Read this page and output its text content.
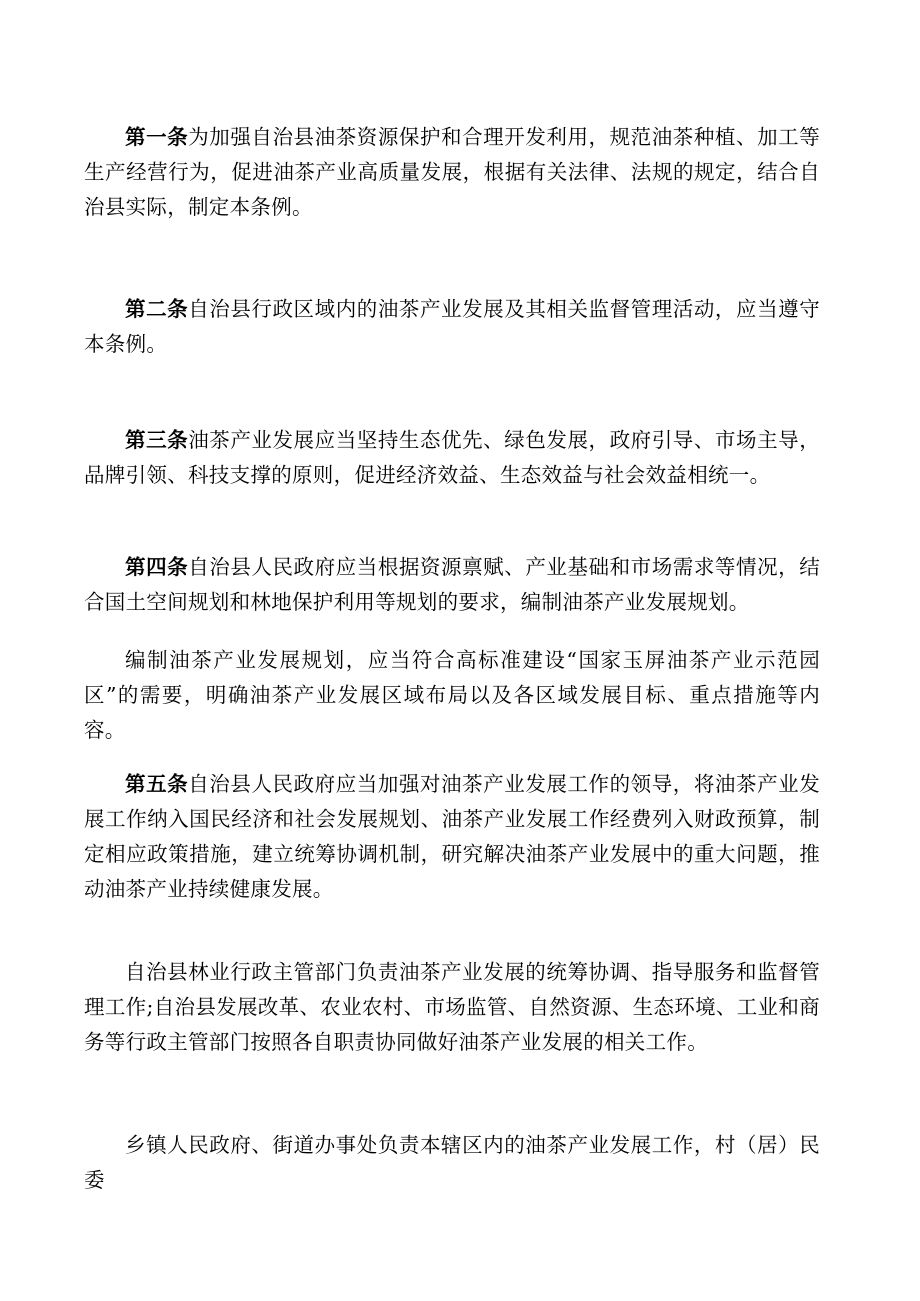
第一条为加强自治县油茶资源保护和合理开发利用，规范油茶种植、加工等生产经营行为，促进油茶产业高质量发展，根据有关法律、法规的规定，结合自治县实际，制定本条例。

第二条自治县行政区域内的油茶产业发展及其相关监督管理活动，应当遵守本条例。

第三条油茶产业发展应当坚持生态优先、绿色发展，政府引导、市场主导，品牌引领、科技支撑的原则，促进经济效益、生态效益与社会效益相统一。

第四条自治县人民政府应当根据资源禀赋、产业基础和市场需求等情况，结合国土空间规划和林地保护利用等规划的要求，编制油茶产业发展规划。

编制油茶产业发展规划，应当符合高标准建设“国家玉屏油茶产业示范园区”的需要，明确油茶产业发展区域布局以及各区域发展目标、重点措施等内容。

第五条自治县人民政府应当加强对油茶产业发展工作的领导，将油茶产业发展工作纳入国民经济和社会发展规划、油茶产业发展工作经费列入财政预算，制定相应政策措施，建立统筹协调机制，研究解决油茶产业发展中的重大问题，推动油茶产业持续健康发展。

自治县林业行政主管部门负责油茶产业发展的统筹协调、指导服务和监督管理工作;自治县发展改革、农业农村、市场监管、自然资源、生态环境、工业和商务等行政主管部门按照各自职责协同做好油茶产业发展的相关工作。

乡镇人民政府、街道办事处负责本辖区内的油茶产业发展工作，村（居）民委
